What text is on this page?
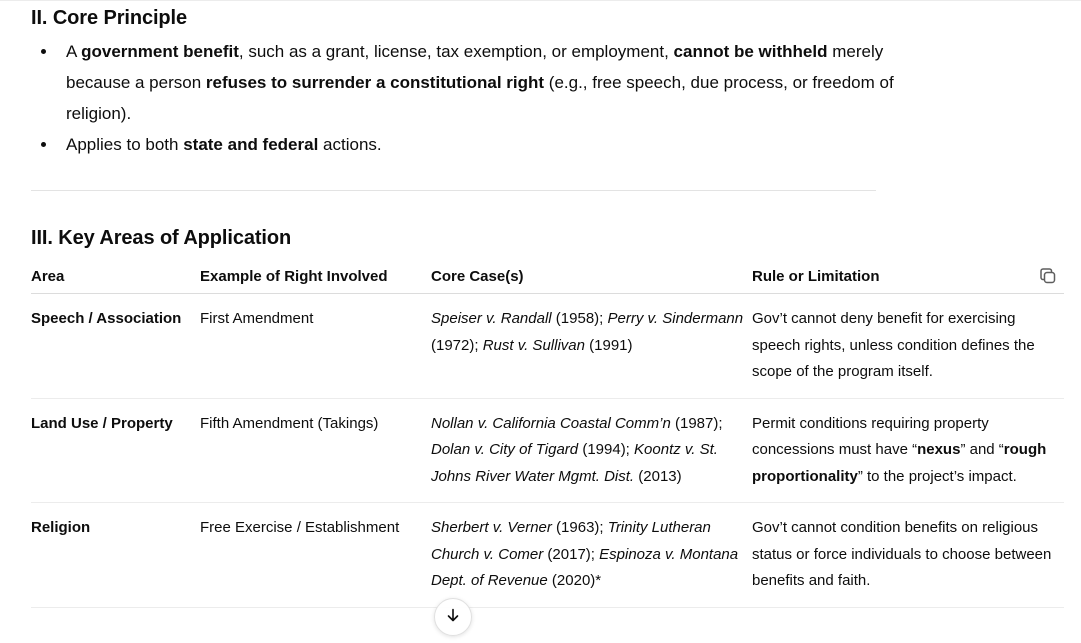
II. Core Principle
A government benefit, such as a grant, license, tax exemption, or employment, cannot be withheld merely because a person refuses to surrender a constitutional right (e.g., free speech, due process, or freedom of religion).
Applies to both state and federal actions.
III. Key Areas of Application
Area	Example of Right Involved	Core Case(s)	Rule or Limitation

Speech / Association	First Amendment	Speiser v. Randall (1958); Perry v. Sindermann (1972); Rust v. Sullivan (1991)	Gov’t cannot deny benefit for exercising speech rights, unless condition defines the scope of the program itself.
Land Use / Property	Fifth Amendment (Takings)	Nollan v. California Coastal Comm’n (1987); Dolan v. City of Tigard (1994); Koontz v. St. Johns River Water Mgmt. Dist. (2013)	Permit conditions requiring property concessions must have “nexus” and “rough proportionality” to the project’s impact.
Religion	Free Exercise / Establishment	Sherbert v. Verner (1963); Trinity Lutheran Church v. Comer (2017); Espinoza v. Montana Dept. of Revenue (2020)*	Gov’t cannot condition benefits on religious status or force individuals to choose between benefits and faith.
